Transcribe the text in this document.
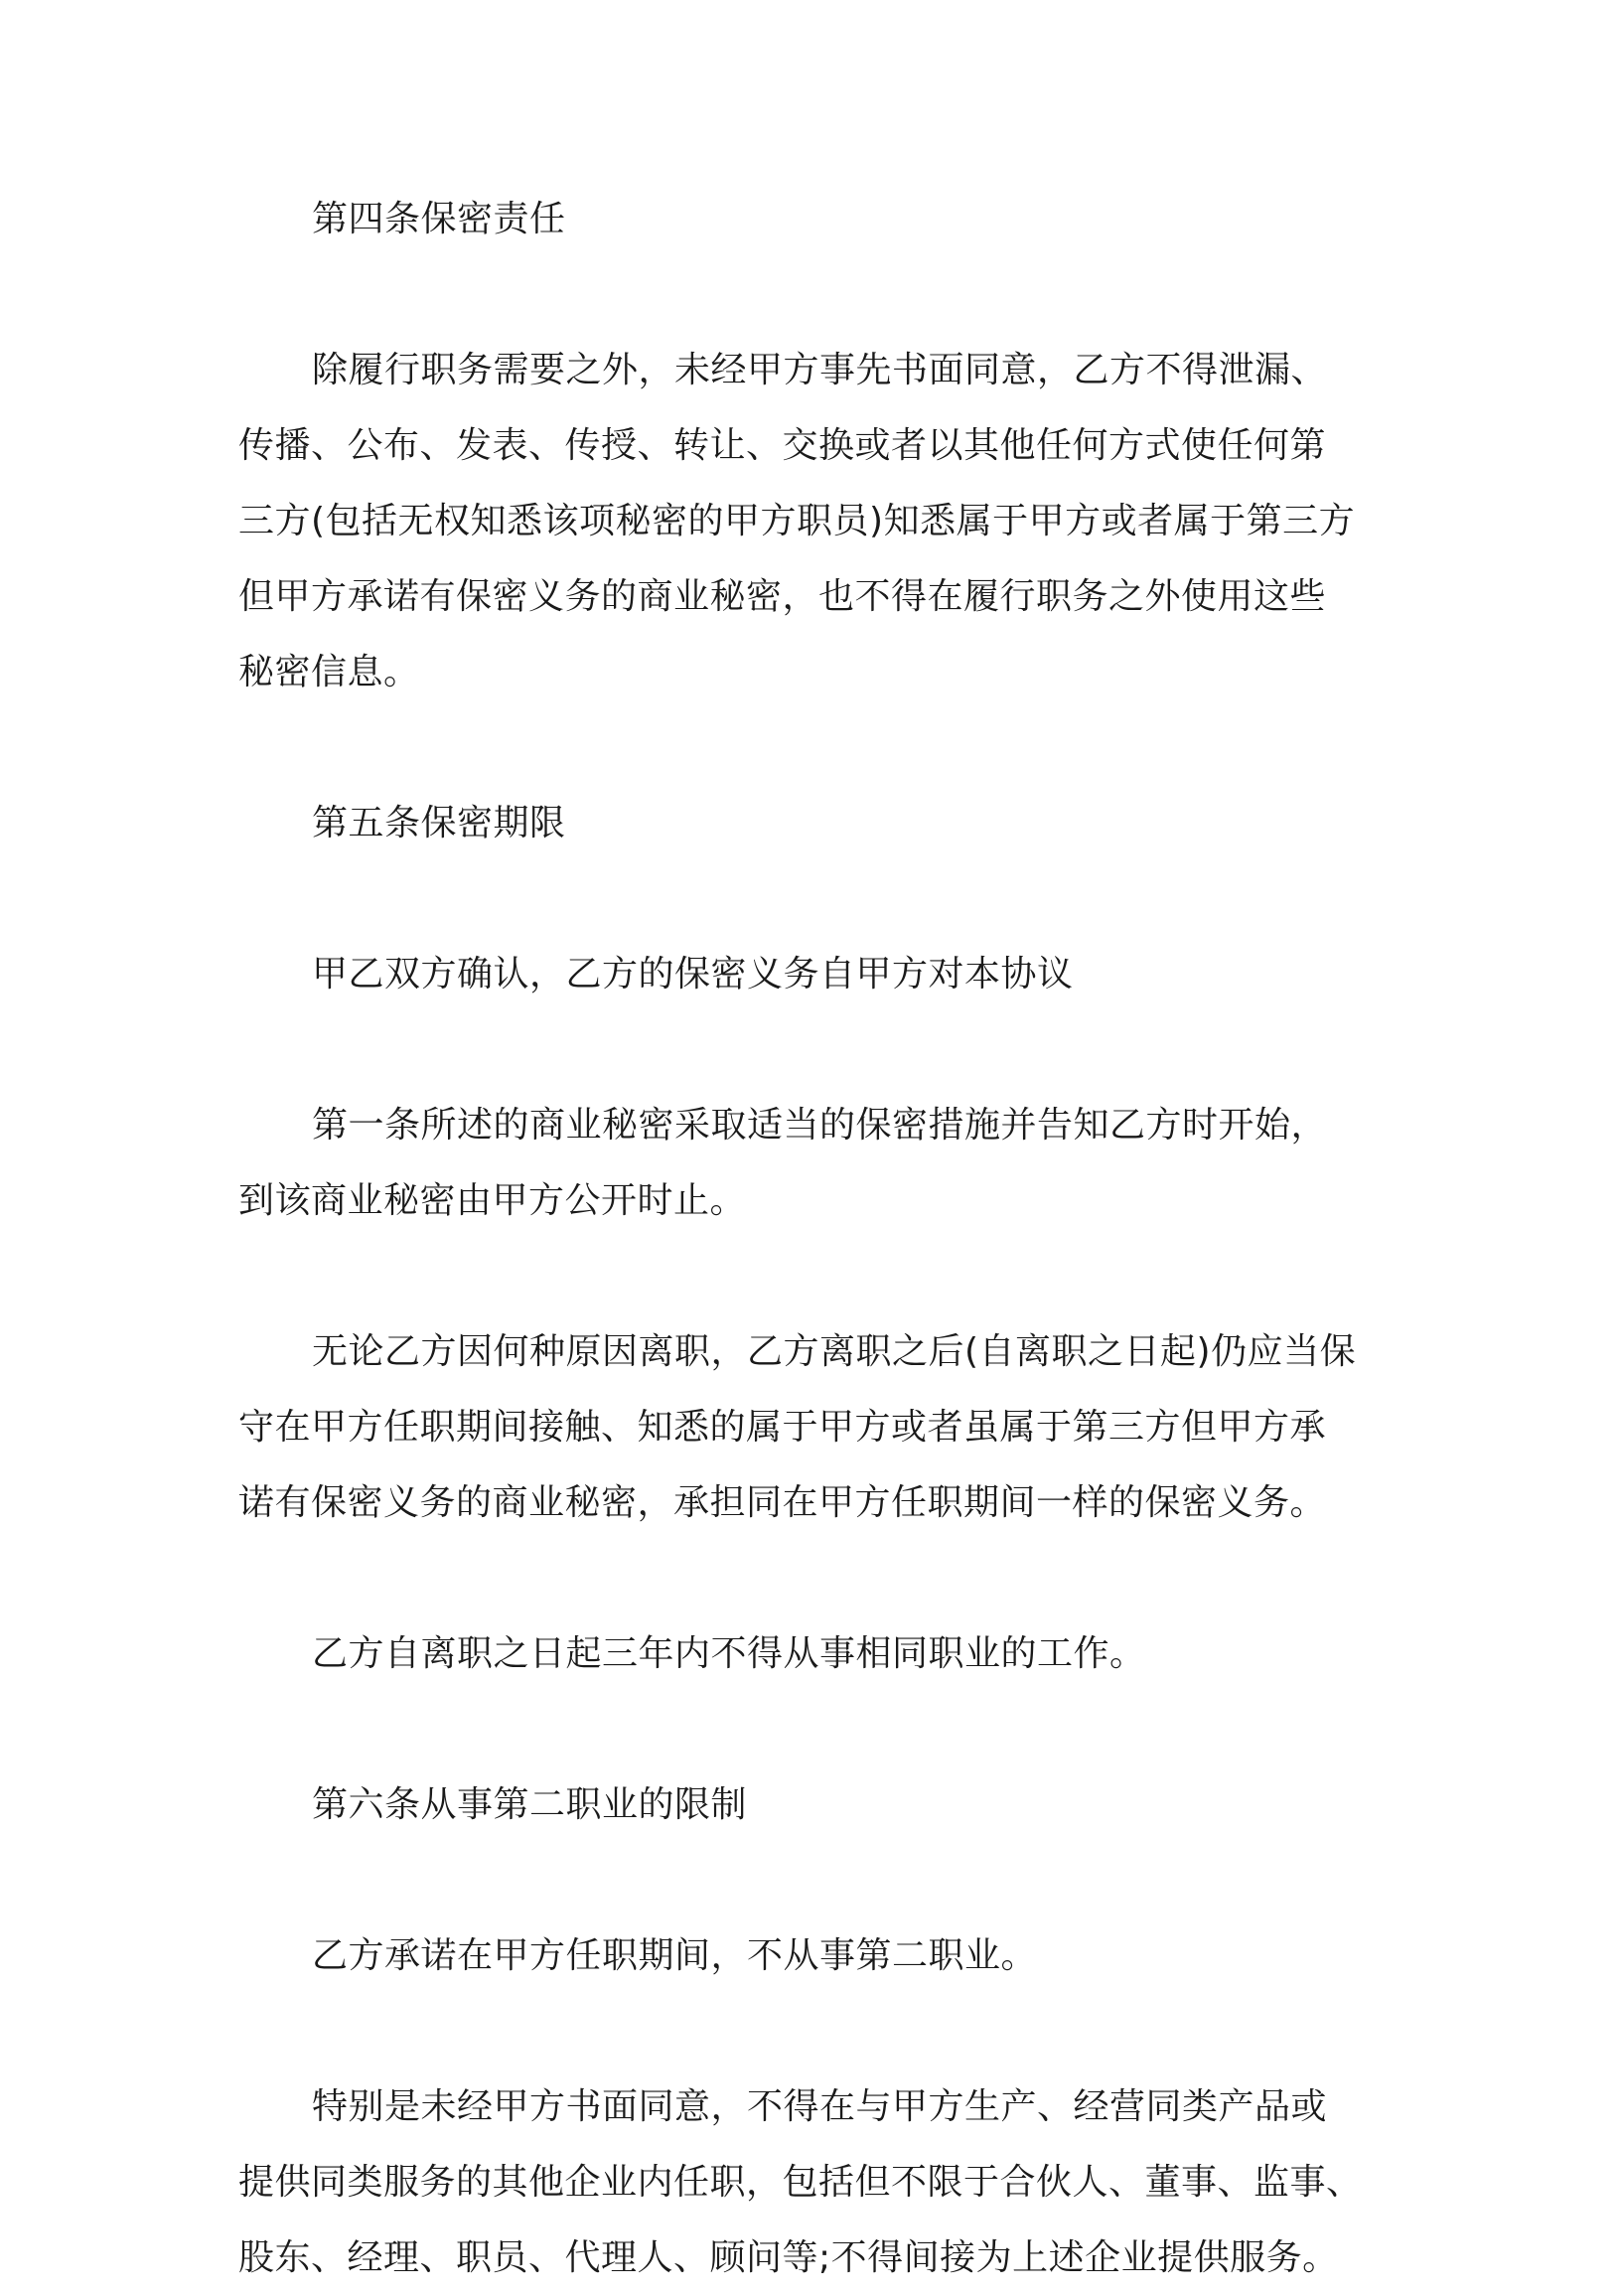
第四条保密责任
除履行职务需要之外，未经甲方事先书面同意，乙方不得泄漏、
传播、公布、发表、传授、转让、交换或者以其他任何方式使任何第
三方(包括无权知悉该项秘密的甲方职员)知悉属于甲方或者属于第三方
但甲方承诺有保密义务的商业秘密，也不得在履行职务之外使用这些
秘密信息。
第五条保密期限
甲乙双方确认，乙方的保密义务自甲方对本协议
第一条所述的商业秘密采取适当的保密措施并告知乙方时开始，
到该商业秘密由甲方公开时止。
无论乙方因何种原因离职，乙方离职之后(自离职之日起)仍应当保
守在甲方任职期间接触、知悉的属于甲方或者虽属于第三方但甲方承
诺有保密义务的商业秘密，承担同在甲方任职期间一样的保密义务。
乙方自离职之日起三年内不得从事相同职业的工作。
第六条从事第二职业的限制
乙方承诺在甲方任职期间，不从事第二职业。
特别是未经甲方书面同意，不得在与甲方生产、经营同类产品或
提供同类服务的其他企业内任职，包括但不限于合伙人、董事、监事、
股东、经理、职员、代理人、顾问等;不得间接为上述企业提供服务。
